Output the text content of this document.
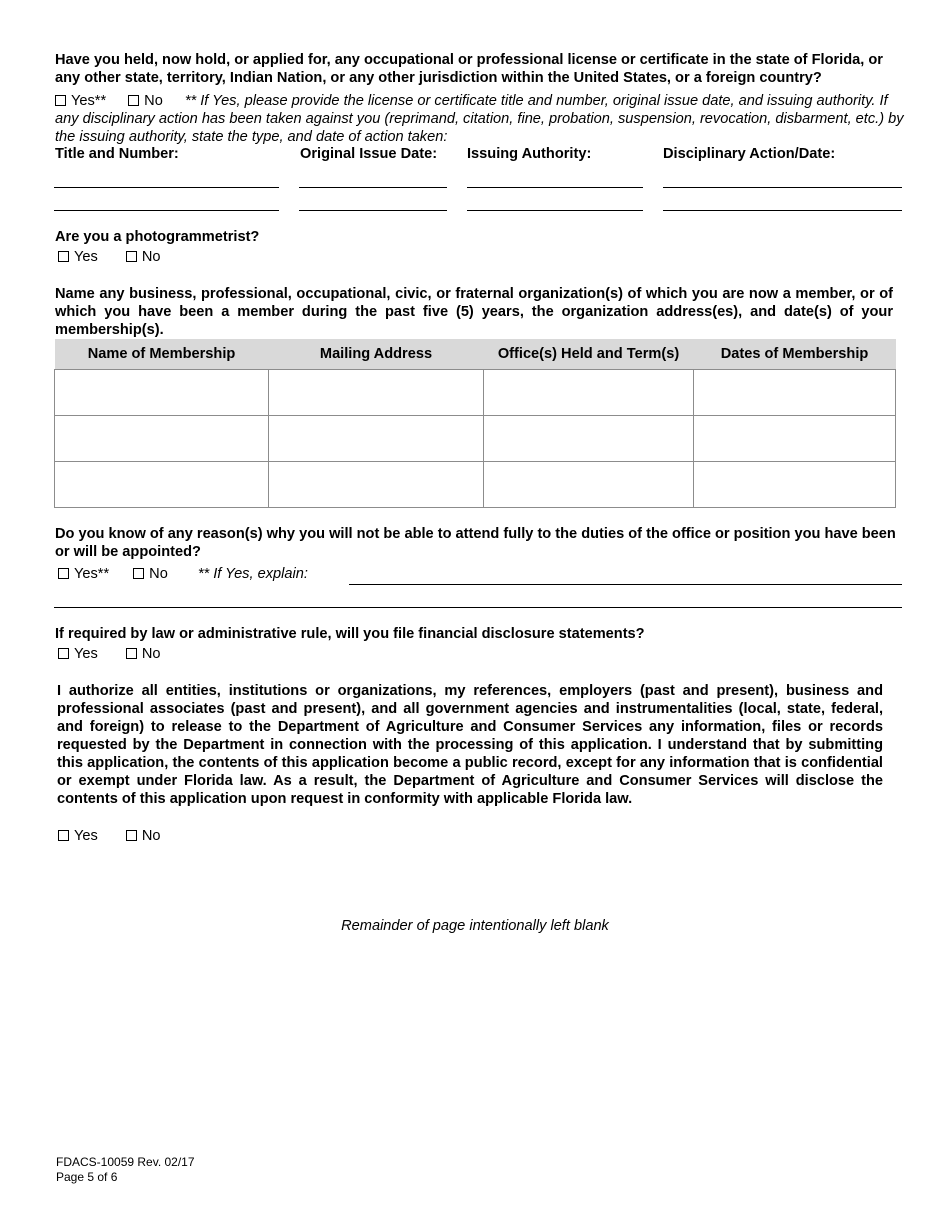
Have you held, now hold, or applied for, any occupational or professional license or certificate in the state of Florida, or any other state, territory, Indian Nation, or any other jurisdiction within the United States, or a foreign country?
Yes**	No ** If Yes, please provide the license or certificate title and number, original issue date, and issuing authority. If any disciplinary action has been taken against you (reprimand, citation, fine, probation, suspension, revocation, disbarment, etc.) by the issuing authority, state the type, and date of action taken:
Title and Number:	Original Issue Date: Issuing Authority:	Disciplinary Action/Date:
Are you a photogrammetrist?
Yes	No
Name any business, professional, occupational, civic, or fraternal organization(s) of which you are now a member, or of which you have been a member during the past five (5) years, the organization address(es), and date(s) of your membership(s).
Name of Membership	Mailing Address	Office(s) Held and Term(s)	Dates of Membership

Do you know of any reason(s) why you will not be able to attend fully to the duties of the office or position you have been or will be appointed?
Yes**	No ** If Yes, explain:
If required by law or administrative rule, will you file financial disclosure statements?
Yes	No
I authorize all entities, institutions or organizations, my references, employers (past and present), business and professional associates (past and present), and all government agencies and instrumentalities (local, state, federal, and foreign) to release to the Department of Agriculture and Consumer Services any information, files or records requested by the Department in connection with the processing of this application. I understand that by submitting this application, the contents of this application become a public record, except for any information that is confidential or exempt under Florida law. As a result, the Department of Agriculture and Consumer Services will disclose the contents of this application upon request in conformity with applicable Florida law.
Yes	No
Remainder of page intentionally left blank
FDACS-10059 Rev. 02/17
Page 5 of 6
